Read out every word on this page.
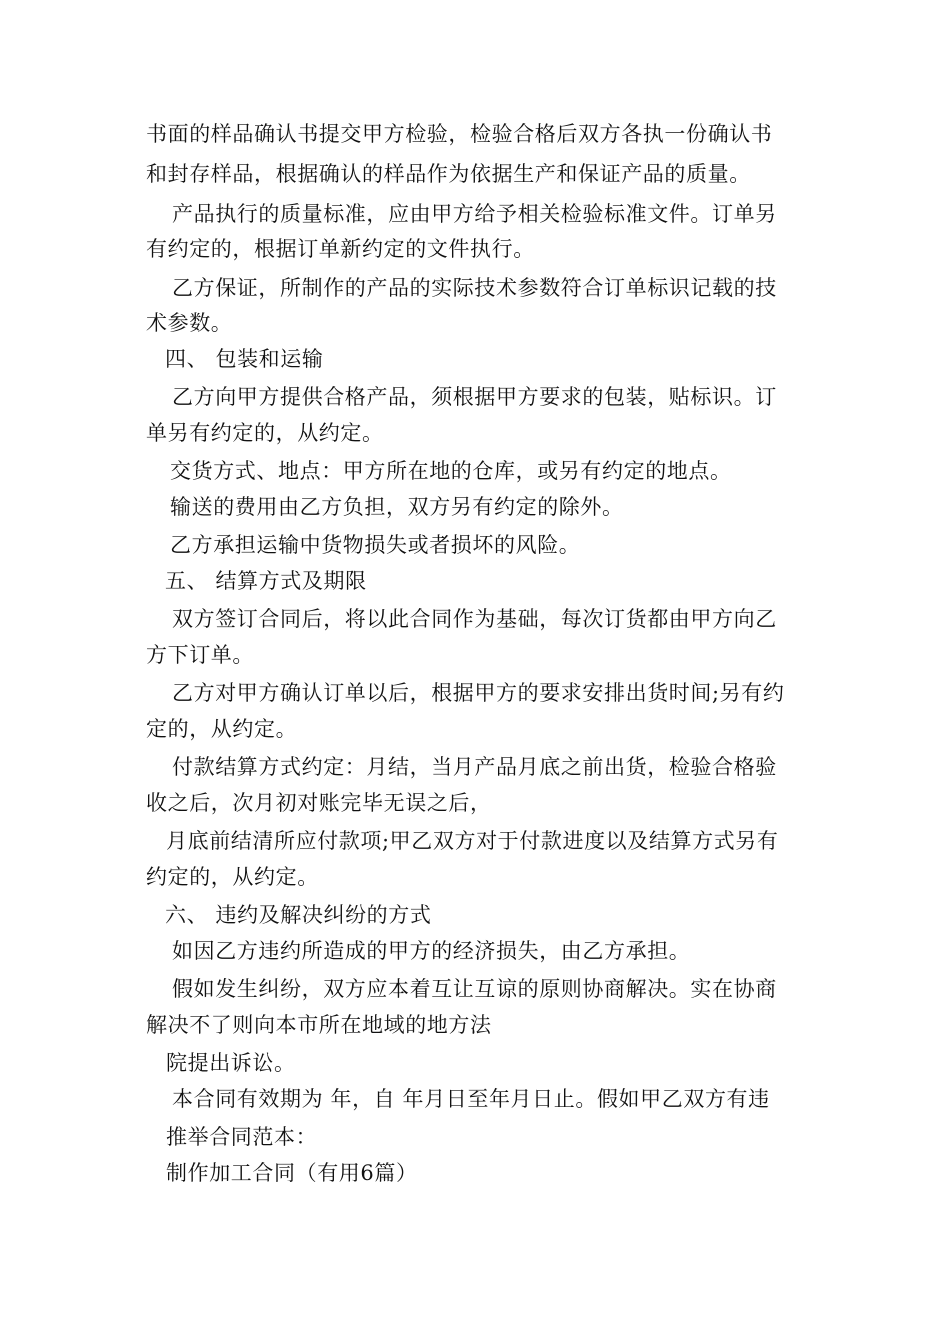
书面的样品确认书提交甲方检验，检验合格后双方各执一份确认书
和封存样品，根据确认的样品作为依据生产和保证产品的质量。
产品执行的质量标准，应由甲方给予相关检验标准文件。订单另
有约定的，根据订单新约定的文件执行。
乙方保证，所制作的产品的实际技术参数符合订单标识记载的技
术参数。
四、 包装和运输
乙方向甲方提供合格产品，须根据甲方要求的包装，贴标识。订
单另有约定的，从约定。
交货方式、地点：甲方所在地的仓库，或另有约定的地点。
输送的费用由乙方负担，双方另有约定的除外。
乙方承担运输中货物损失或者损坏的风险。
五、 结算方式及期限
双方签订合同后，将以此合同作为基础，每次订货都由甲方向乙
方下订单。
乙方对甲方确认订单以后，根据甲方的要求安排出货时间;另有约
定的，从约定。
付款结算方式约定：月结，当月产品月底之前出货，检验合格验
收之后，次月初对账完毕无误之后，
月底前结清所应付款项;甲乙双方对于付款进度以及结算方式另有
约定的，从约定。
六、 违约及解决纠纷的方式
如因乙方违约所造成的甲方的经济损失，由乙方承担。
假如发生纠纷，双方应本着互让互谅的原则协商解决。实在协商
解决不了则向本市所在地域的地方法
院提出诉讼。
本合同有效期为 年，自 年月日至年月日止。假如甲乙双方有违
推举合同范本：
制作加工合同（有用6篇）
